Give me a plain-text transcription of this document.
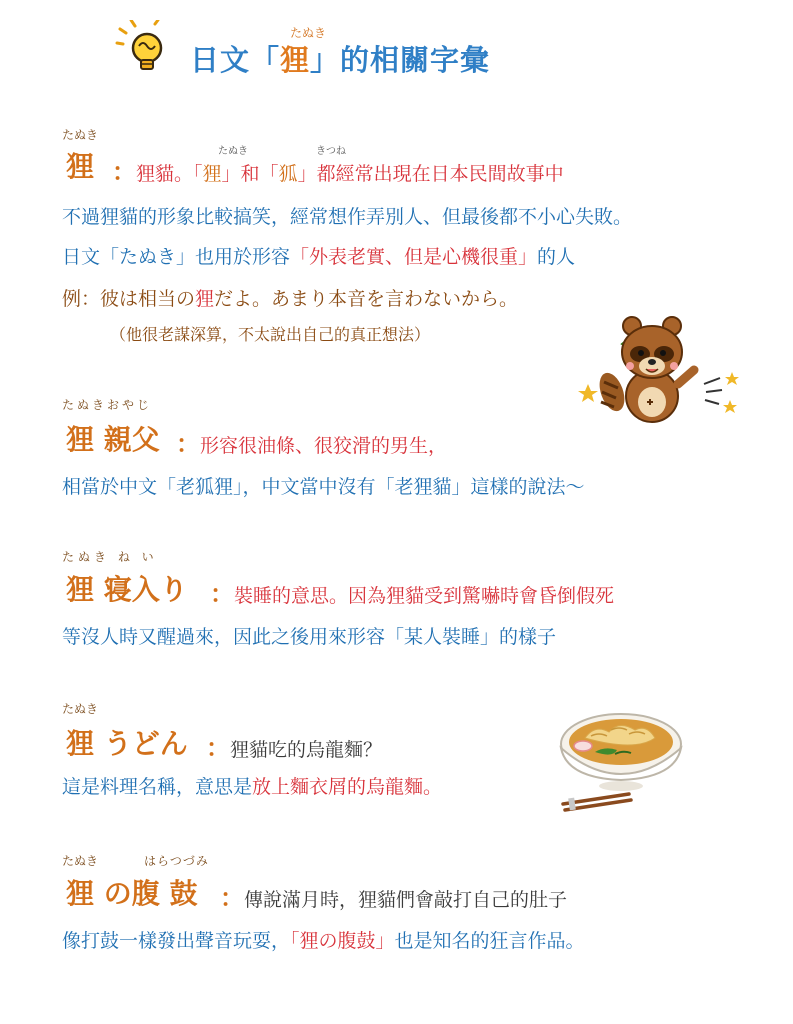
たぬき
日文「狸」的相關字彙
たぬき
狸	たぬき	きつね
：狸貓。「狸」和「狐」都經常出現在日本民間故事中
不過狸貓的形象比較搞笑，經常想作弄別人、但最後都不小心失敗。
日文「たぬき」也用於形容「外表老實、但是心機很重」的人
例：彼は相当の狸だよ。あまり本音を言わないから。
（他很老謀深算，不太說出自己的真正想法）
たぬきおやじ
狸 親父 ：形容很油條、很狡滑的男生，
相當於中文「老狐狸」，中文當中沒有「老狸貓」這樣的說法～
たぬき ね い
狸 寝入り ：裝睡的意思。因為狸貓受到驚嚇時會昏倒假死
等沒人時又醒過來，因此之後用來形容「某人裝睡」的樣子
たぬき
狸 うどん ：狸貓吃的烏龍麵？
這是料理名稱，意思是放上麵衣屑的烏龍麵。
たぬき	はらつづみ
狸 の腹 鼓 ：傳說滿月時，狸貓們會敲打自己的肚子
像打鼓一樣發出聲音玩耍，「狸の腹鼓」也是知名的狂言作品。
